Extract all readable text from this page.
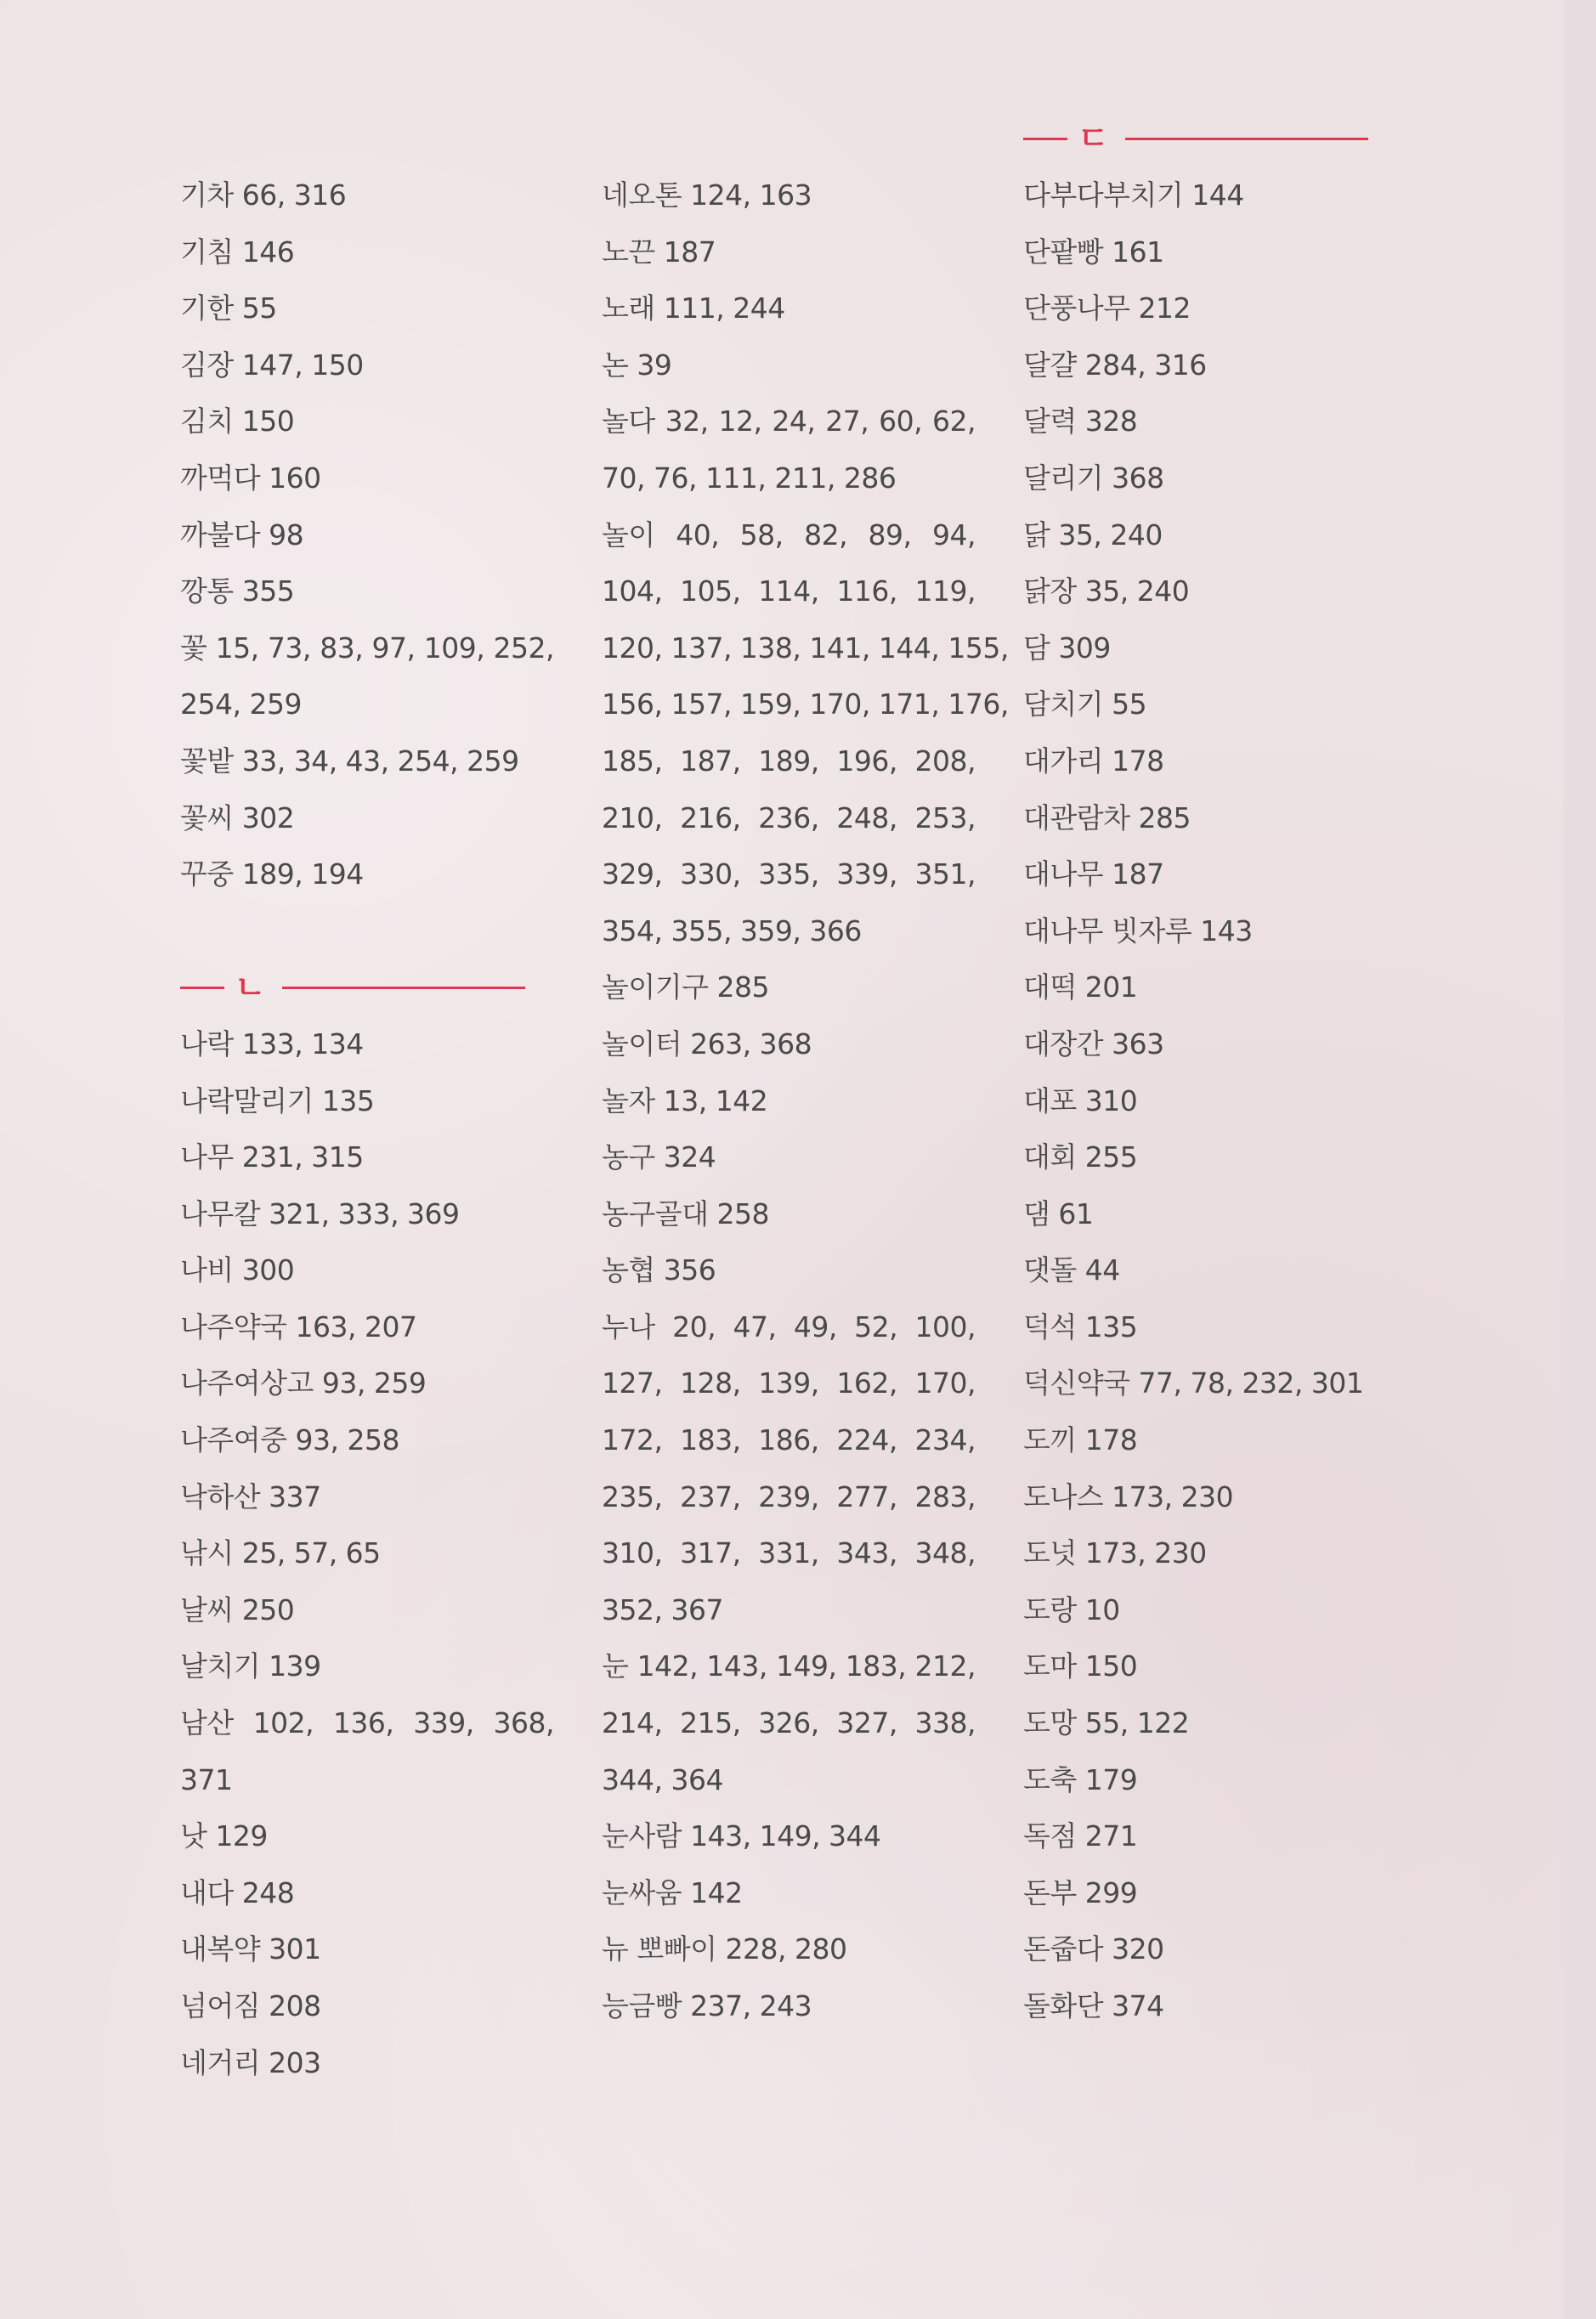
기차 66, 316
기침 146
기한 55
김장 147, 150
김치 150
까먹다 160
까불다 98
깡통 355
꽃 15, 73, 83, 97, 109, 252,
254, 259
꽃밭 33, 34, 43, 254, 259
꽃씨 302
꾸중 189, 194
ㄴ
나락 133, 134
나락말리기 135
나무 231, 315
나무칼 321, 333, 369
나비 300
나주약국 163, 207
나주여상고 93, 259
나주여중 93, 258
낙하산 337
낚시 25, 57, 65
날씨 250
날치기 139
남산 102, 136, 339, 368,
371
낫 129
내다 248
내복약 301
넘어짐 208
네거리 203
네오톤 124, 163
노끈 187
노래 111, 244
논 39
놀다 32, 12, 24, 27, 60, 62,
70, 76, 111, 211, 286
놀이 40, 58, 82, 89, 94,
104, 105, 114, 116, 119,
120, 137, 138, 141, 144, 155,
156, 157, 159, 170, 171, 176,
185, 187, 189, 196, 208,
210, 216, 236, 248, 253,
329, 330, 335, 339, 351,
354, 355, 359, 366
놀이기구 285
놀이터 263, 368
놀자 13, 142
농구 324
농구골대 258
농협 356
누나 20, 47, 49, 52, 100,
127, 128, 139, 162, 170,
172, 183, 186, 224, 234,
235, 237, 239, 277, 283,
310, 317, 331, 343, 348,
352, 367
눈 142, 143, 149, 183, 212,
214, 215, 326, 327, 338,
344, 364
눈사람 143, 149, 344
눈싸움 142
뉴 뽀빠이 228, 280
능금빵 237, 243
ㄷ
다부다부치기 144
단팥빵 161
단풍나무 212
달걀 284, 316
달력 328
달리기 368
닭 35, 240
닭장 35, 240
담 309
담치기 55
대가리 178
대관람차 285
대나무 187
대나무 빗자루 143
대떡 201
대장간 363
대포 310
대회 255
댐 61
댓돌 44
덕석 135
덕신약국 77, 78, 232, 301
도끼 178
도나스 173, 230
도넛 173, 230
도랑 10
도마 150
도망 55, 122
도축 179
독점 271
돈부 299
돈줍다 320
돌화단 374
